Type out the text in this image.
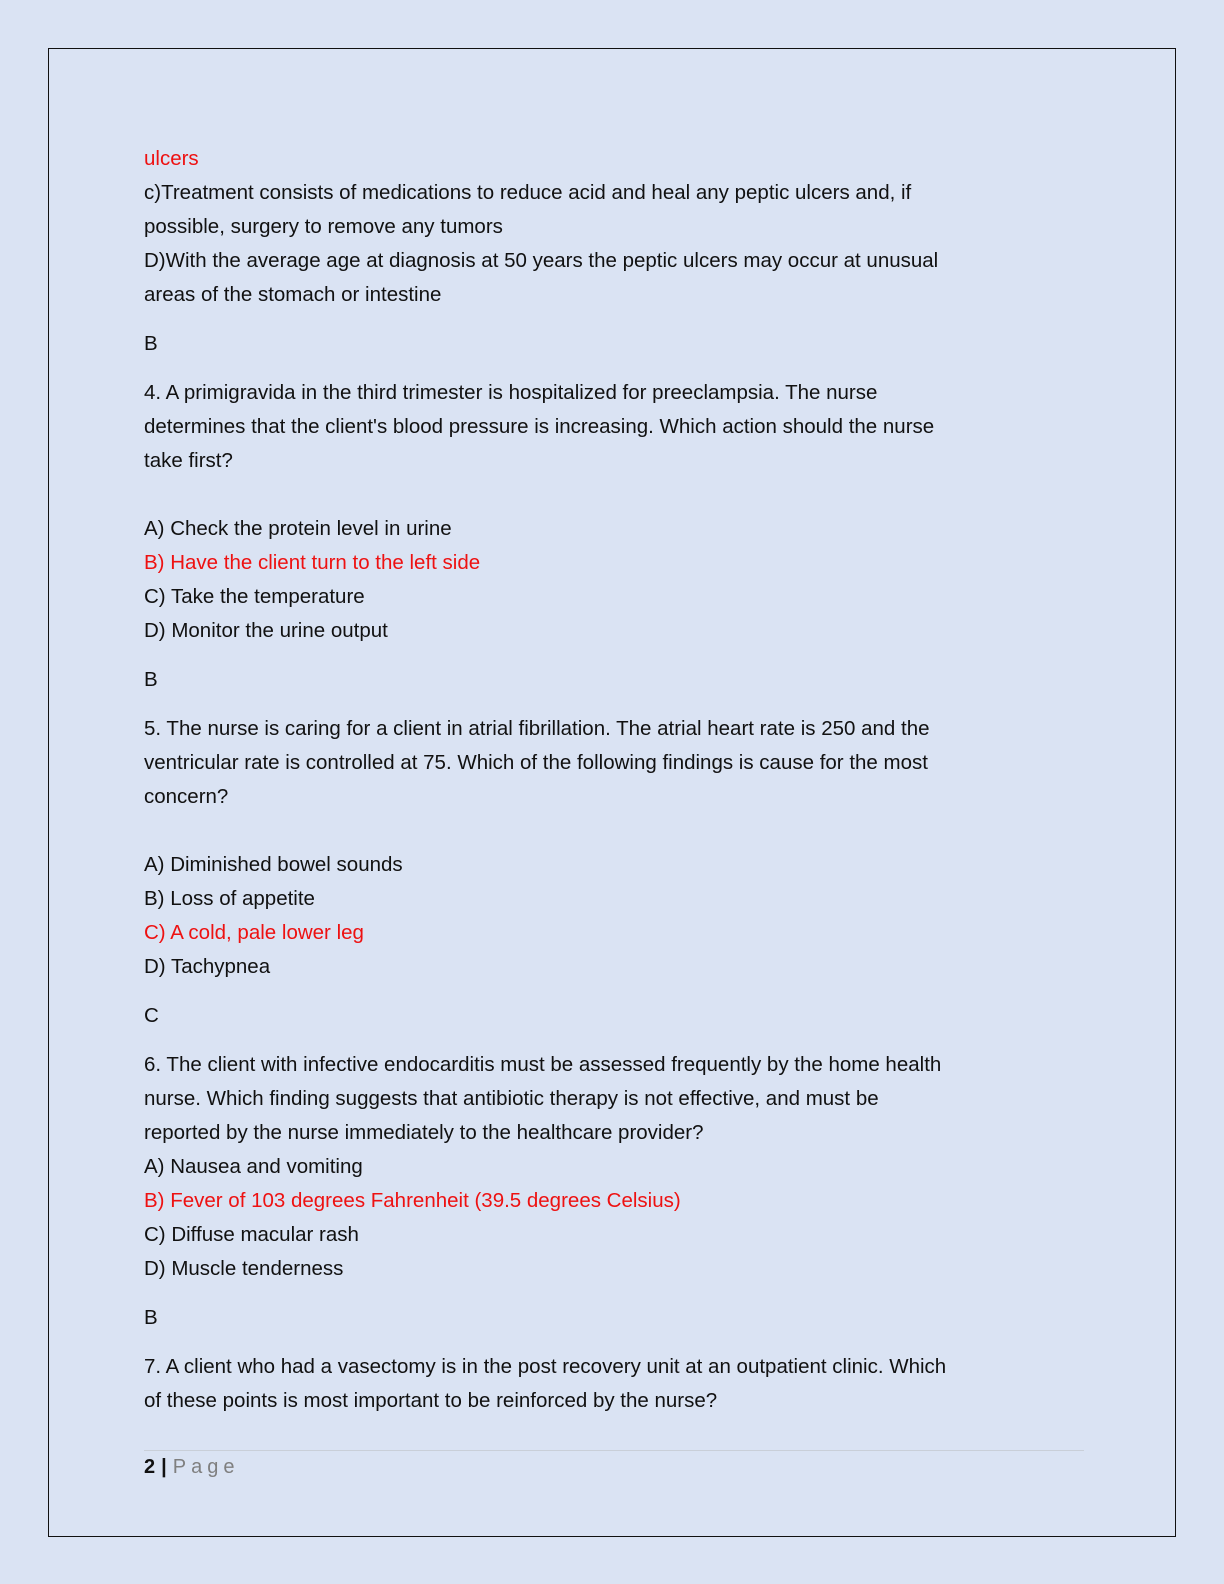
ulcers
c)Treatment consists of medications to reduce acid and heal any peptic ulcers and, if
possible, surgery to remove any tumors
D)With the average age at diagnosis at 50 years the peptic ulcers may occur at unusual
areas of the stomach or intestine
B
4. A primigravida in the third trimester is hospitalized for preeclampsia. The nurse
determines that the client's blood pressure is increasing. Which action should the nurse
take first?
A) Check the protein level in urine
B) Have the client turn to the left side
C) Take the temperature
D) Monitor the urine output
B
5. The nurse is caring for a client in atrial fibrillation. The atrial heart rate is 250 and the
ventricular rate is controlled at 75. Which of the following findings is cause for the most
concern?
A) Diminished bowel sounds
B) Loss of appetite
C) A cold, pale lower leg
D) Tachypnea
C
6. The client with infective endocarditis must be assessed frequently by the home health
nurse. Which finding suggests that antibiotic therapy is not effective, and must be
reported by the nurse immediately to the healthcare provider?
A) Nausea and vomiting
B) Fever of 103 degrees Fahrenheit (39.5 degrees Celsius)
C) Diffuse macular rash
D) Muscle tenderness
B
7. A client who had a vasectomy is in the post recovery unit at an outpatient clinic. Which
of these points is most important to be reinforced by the nurse?
2 | Page
